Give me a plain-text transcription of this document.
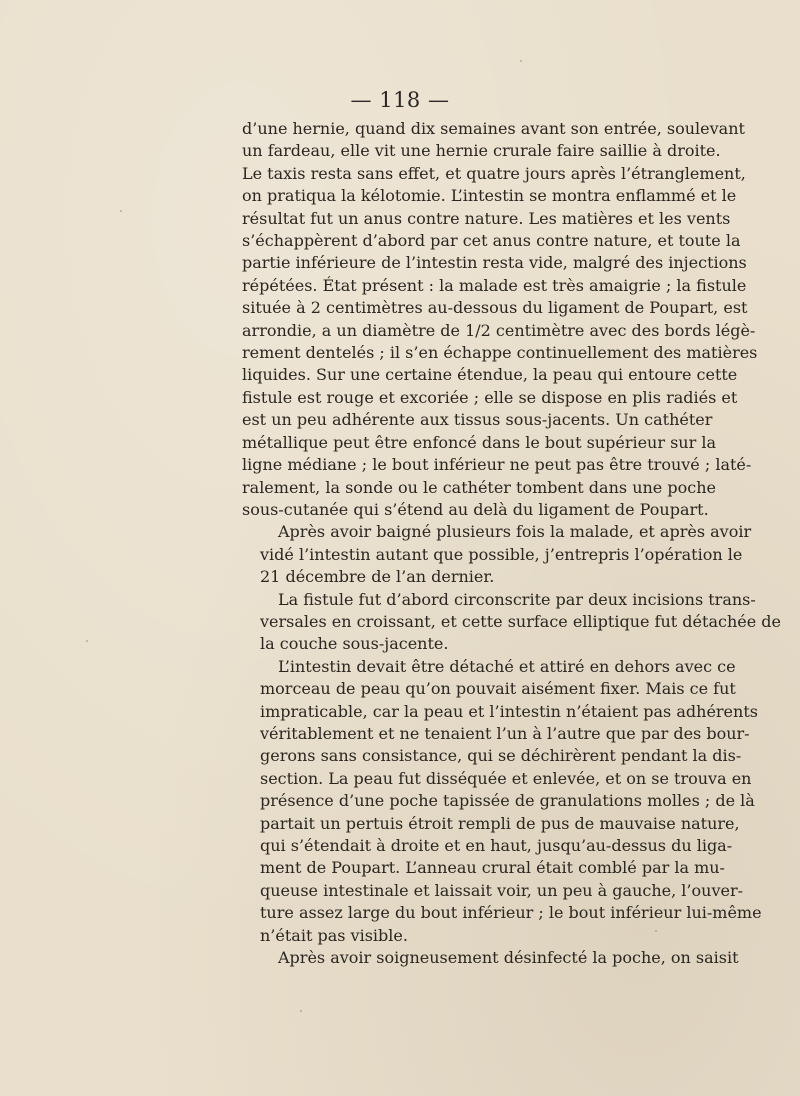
— 118 —

d’une hernie, quand dix semaines avant son entrée, soulevant
un fardeau, elle vit une hernie crurale faire saillie à droite.
Le taxis resta sans effet, et quatre jours après l’étranglement,
on pratiqua la kélotomie. L’intestin se montra enflammé et le
résultat fut un anus contre nature. Les matières et les vents
s’échappèrent d’abord par cet anus contre nature, et toute la
partie inférieure de l’intestin resta vide, malgré des injections
répétées. État présent : la malade est très amaigrie ; la fistule
située à 2 centimètres au-dessous du ligament de Poupart, est
arrondie, a un diamètre de 1/2 centimètre avec des bords légè-
rement dentelés ; il s’en échappe continuellement des matières
liquides. Sur une certaine étendue, la peau qui entoure cette
fistule est rouge et excoriée ; elle se dispose en plis radiés et
est un peu adhérente aux tissus sous-jacents. Un cathéter
métallique peut être enfoncé dans le bout supérieur sur la
ligne médiane ; le bout inférieur ne peut pas être trouvé ; laté-
ralement, la sonde ou le cathéter tombent dans une poche
sous-cutanée qui s’étend au delà du ligament de Poupart.

Après avoir baigné plusieurs fois la malade, et après avoir
vidé l’intestin autant que possible, j’entrepris l’opération le
21 décembre de l’an dernier.

La fistule fut d’abord circonscrite par deux incisions trans-
versales en croissant, et cette surface elliptique fut détachée de
la couche sous-jacente.

L’intestin devait être détaché et attiré en dehors avec ce
morceau de peau qu’on pouvait aisément fixer. Mais ce fut
impraticable, car la peau et l’intestin n’étaient pas adhérents
véritablement et ne tenaient l’un à l’autre que par des bour-
gerons sans consistance, qui se déchirèrent pendant la dis-
section. La peau fut disséquée et enlevée, et on se trouva en
présence d’une poche tapissée de granulations molles ; de là
partait un pertuis étroit rempli de pus de mauvaise nature,
qui s’étendait à droite et en haut, jusqu’au-dessus du liga-
ment de Poupart. L’anneau crural était comblé par la mu-
queuse intestinale et laissait voir, un peu à gauche, l’ouver-
ture assez large du bout inférieur ; le bout inférieur lui-même
n’était pas visible.

Après avoir soigneusement désinfecté la poche, on saisit
